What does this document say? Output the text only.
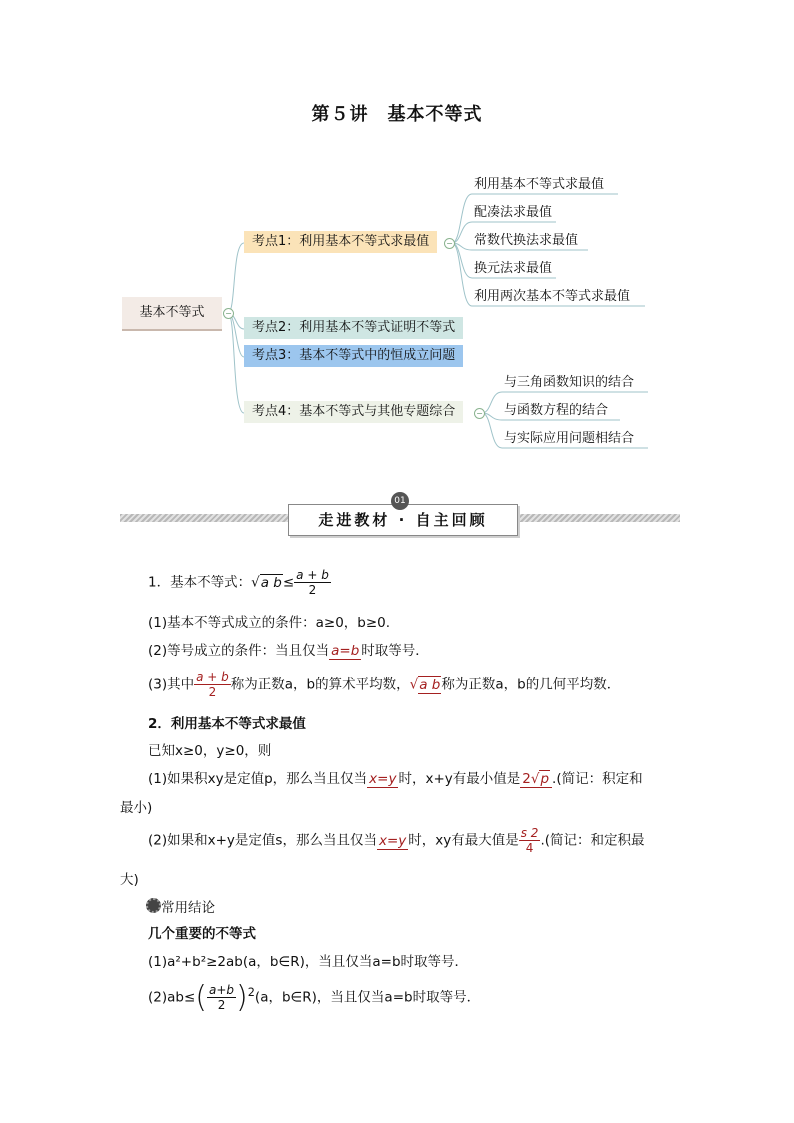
第５讲　基本不等式
基本不等式	−
考点1：利用基本不等式求最值	−
利用基本不等式求最值
配凑法求最值
常数代换法求最值
换元法求最值
利用两次基本不等式求最值
考点2：利用基本不等式证明不等式
考点3：基本不等式中的恒成立问题
考点4：基本不等式与其他专题综合	−
与三角函数知识的结合
与函数方程的结合
与实际应用问题相结合
走进教材 · 自主回顾
01
1．基本不等式：√a $b\le \frac{a + b}{2}$
(1)基本不等式成立的条件：a≥0，b≥0.
(2)等号成立的条件：当且仅当 a=b 时取等号．
(3)其中 $\frac{a + b}{2}$ 称为正数a，b的算术平均数，√a b称为正数a，b的几何平均数．
2．利用基本不等式求最值
已知x≥0，y≥0，则
(1)如果积xy是定值p，那么当且仅当 x=y 时，x+y有最小值是 2√p .(简记：积定和
最小)
(2)如果和x+y是定值s，那么当且仅当 x=y 时，xy有最大值是 $\frac{s 2}{4}$ .(简记：和定积最
大)
常用结论
几个重要的不等式
(1)a²+b²≥2ab(a，b∈R)，当且仅当a=b时取等号．
$(2)ab\le( \frac{a+b}{2} )^2(a$，b∈R)，当且仅当a=b时取等号．
